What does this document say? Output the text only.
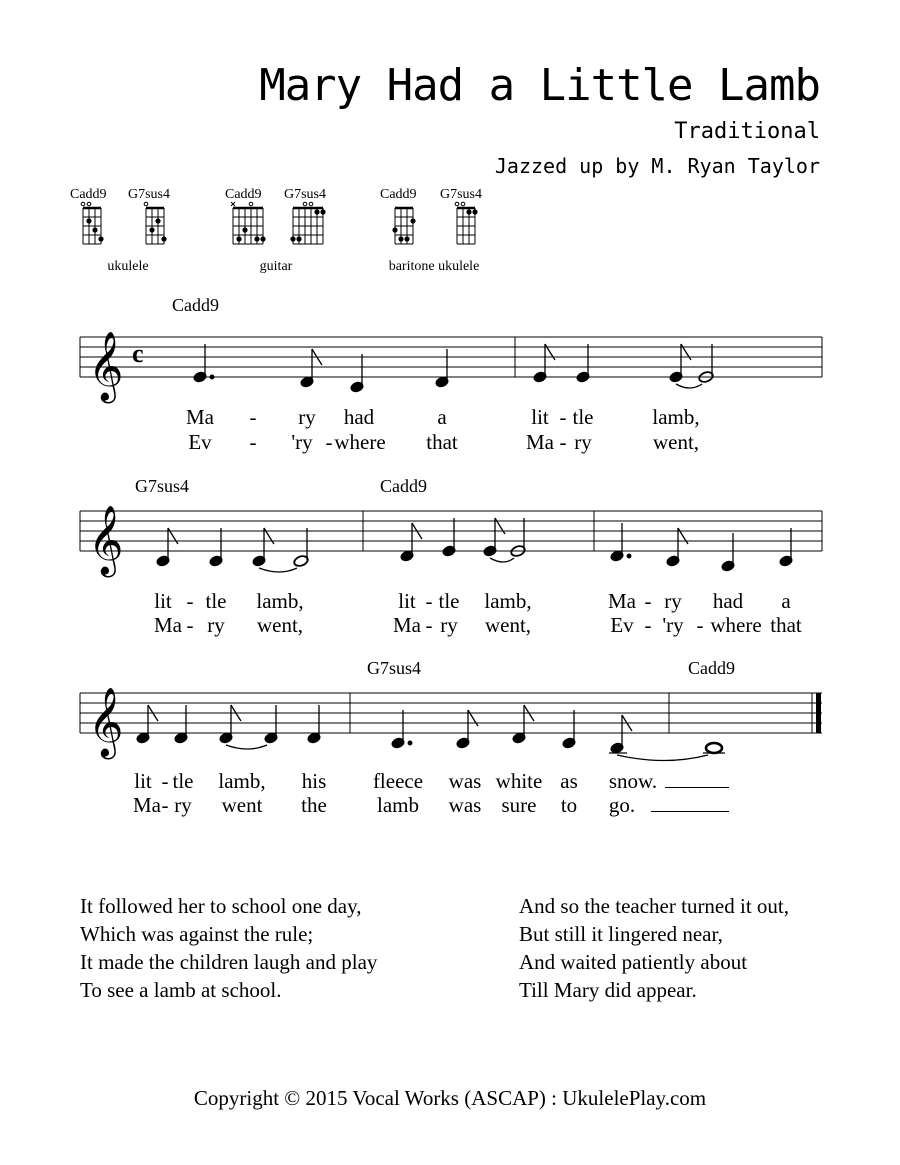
Mary Had a Little Lamb
Traditional
Jazzed up by M. Ryan Taylor
Cadd9 G7sus4
ukulele
Cadd9 G7sus4
guitar
Cadd9 G7sus4
baritone ukulele
Cadd9
𝄞 c
Ma - ry had	a	lit - tle	lamb,
Ev - 'ry - where that	Ma - ry	went,
G7sus4	Cadd9
𝄞
lit - tle lamb,	lit - tle lamb,	Ma - ry had a
Ma - ry went,	Ma - ry went,	Ev - 'ry - where that
G7sus4	Cadd9
𝄞
lit - tle lamb, his fleece was white as snow.
Ma - ry went the lamb was sure to go.
It followed her to school one day,
Which was against the rule;
It made the children laugh and play
To see a lamb at school.
And so the teacher turned it out,
But still it lingered near,
And waited patiently about
Till Mary did appear.
Copyright © 2015 Vocal Works (ASCAP) : UkulelePlay.com
